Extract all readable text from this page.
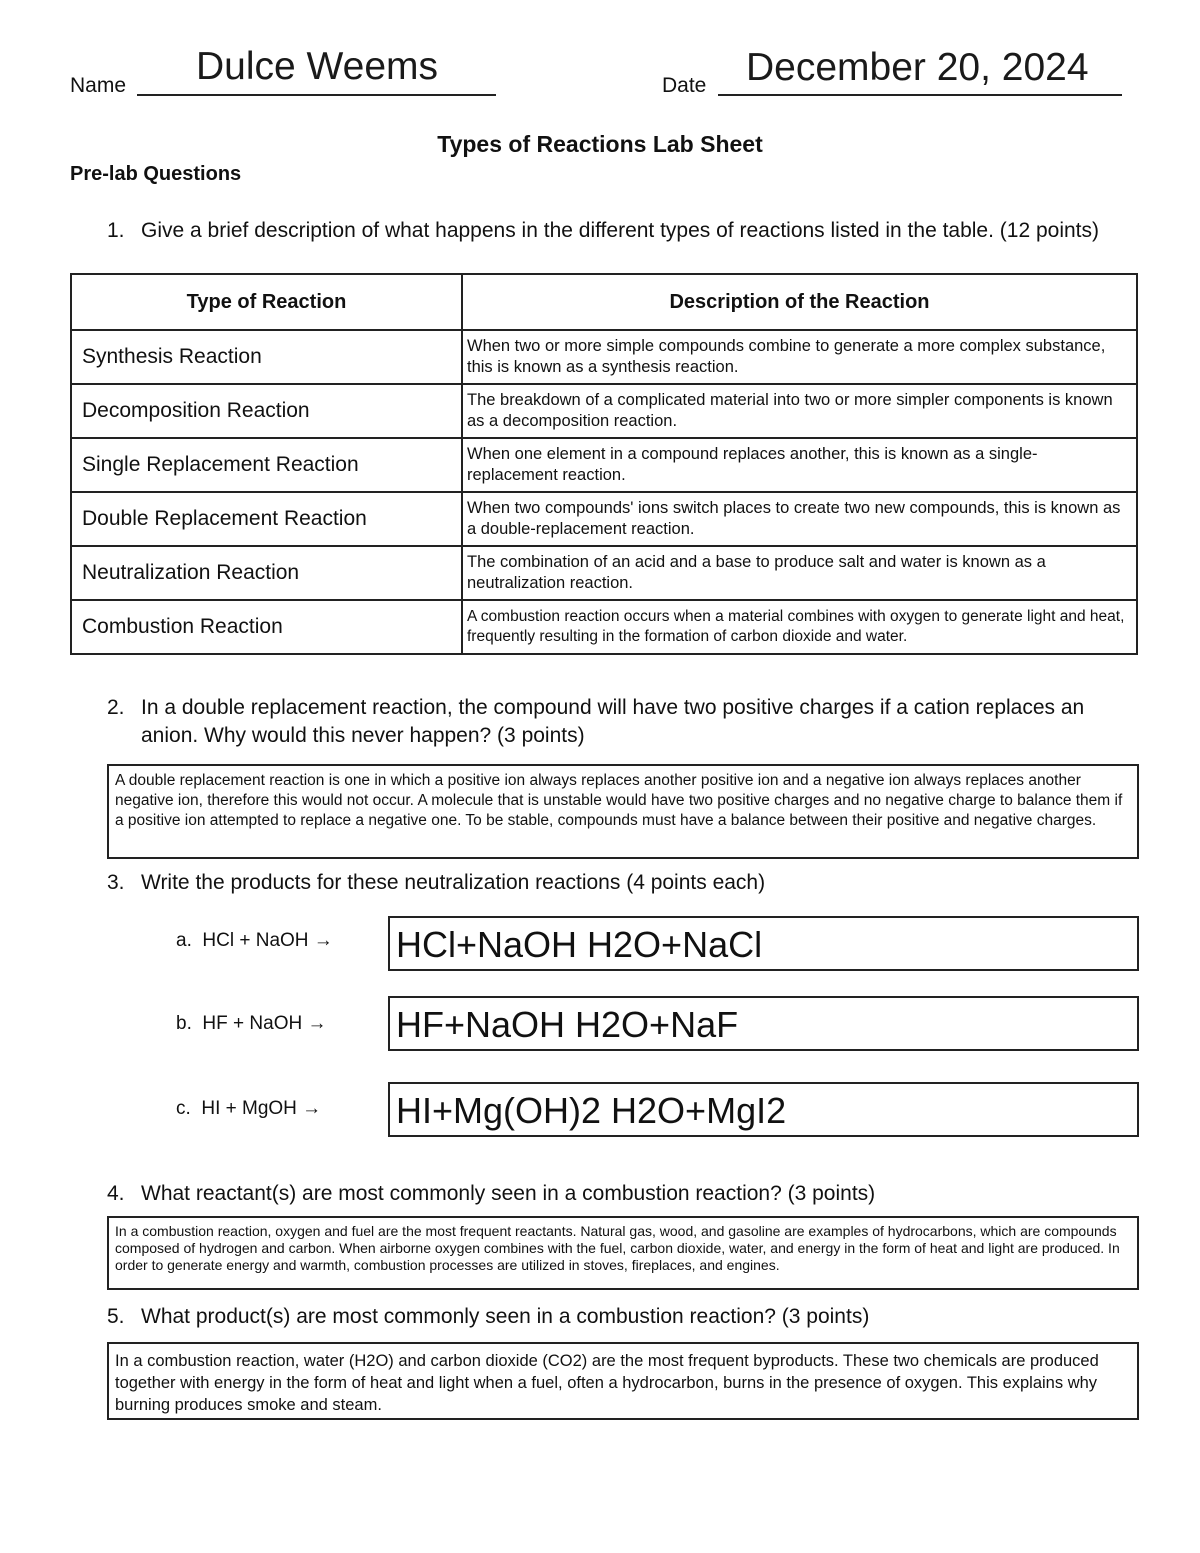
Name Dulce Weems	Date December 20, 2024
Types of Reactions Lab Sheet
Pre-lab Questions
1. Give a brief description of what happens in the different types of reactions listed in the table. (12 points)
Type of Reaction	Description of the Reaction
Synthesis Reaction	When two or more simple compounds combine to generate a more complex substance, this is known as a synthesis reaction.
Decomposition Reaction	The breakdown of a complicated material into two or more simpler components is known as a decomposition reaction.
Single Replacement Reaction	When one element in a compound replaces another, this is known as a single-replacement reaction.
Double Replacement Reaction	When two compounds' ions switch places to create two new compounds, this is known as a double-replacement reaction.
Neutralization Reaction	The combination of an acid and a base to produce salt and water is known as a neutralization reaction.
Combustion Reaction	A combustion reaction occurs when a material combines with oxygen to generate light and heat, frequently resulting in the formation of carbon dioxide and water.
2. In a double replacement reaction, the compound will have two positive charges if a cation replaces an anion. Why would this never happen? (3 points)
A double replacement reaction is one in which a positive ion always replaces another positive ion and a negative ion always replaces another negative ion, therefore this would not occur. A molecule that is unstable would have two positive charges and no negative charge to balance them if a positive ion attempted to replace a negative one. To be stable, compounds must have a balance between their positive and negative charges.
3. Write the products for these neutralization reactions (4 points each)
a. HCl + NaOH → HCl+NaOH H2O+NaCl
b. HF + NaOH → HF+NaOH H2O+NaF
c. HI + MgOH → HI+Mg(OH)2 H2O+MgI2
4. What reactant(s) are most commonly seen in a combustion reaction? (3 points)
In a combustion reaction, oxygen and fuel are the most frequent reactants. Natural gas, wood, and gasoline are examples of hydrocarbons, which are compounds composed of hydrogen and carbon. When airborne oxygen combines with the fuel, carbon dioxide, water, and energy in the form of heat and light are produced. In order to generate energy and warmth, combustion processes are utilized in stoves, fireplaces, and engines.
5. What product(s) are most commonly seen in a combustion reaction? (3 points)
In a combustion reaction, water (H2O) and carbon dioxide (CO2) are the most frequent byproducts. These two chemicals are produced together with energy in the form of heat and light when a fuel, often a hydrocarbon, burns in the presence of oxygen. This explains why burning produces smoke and steam.
